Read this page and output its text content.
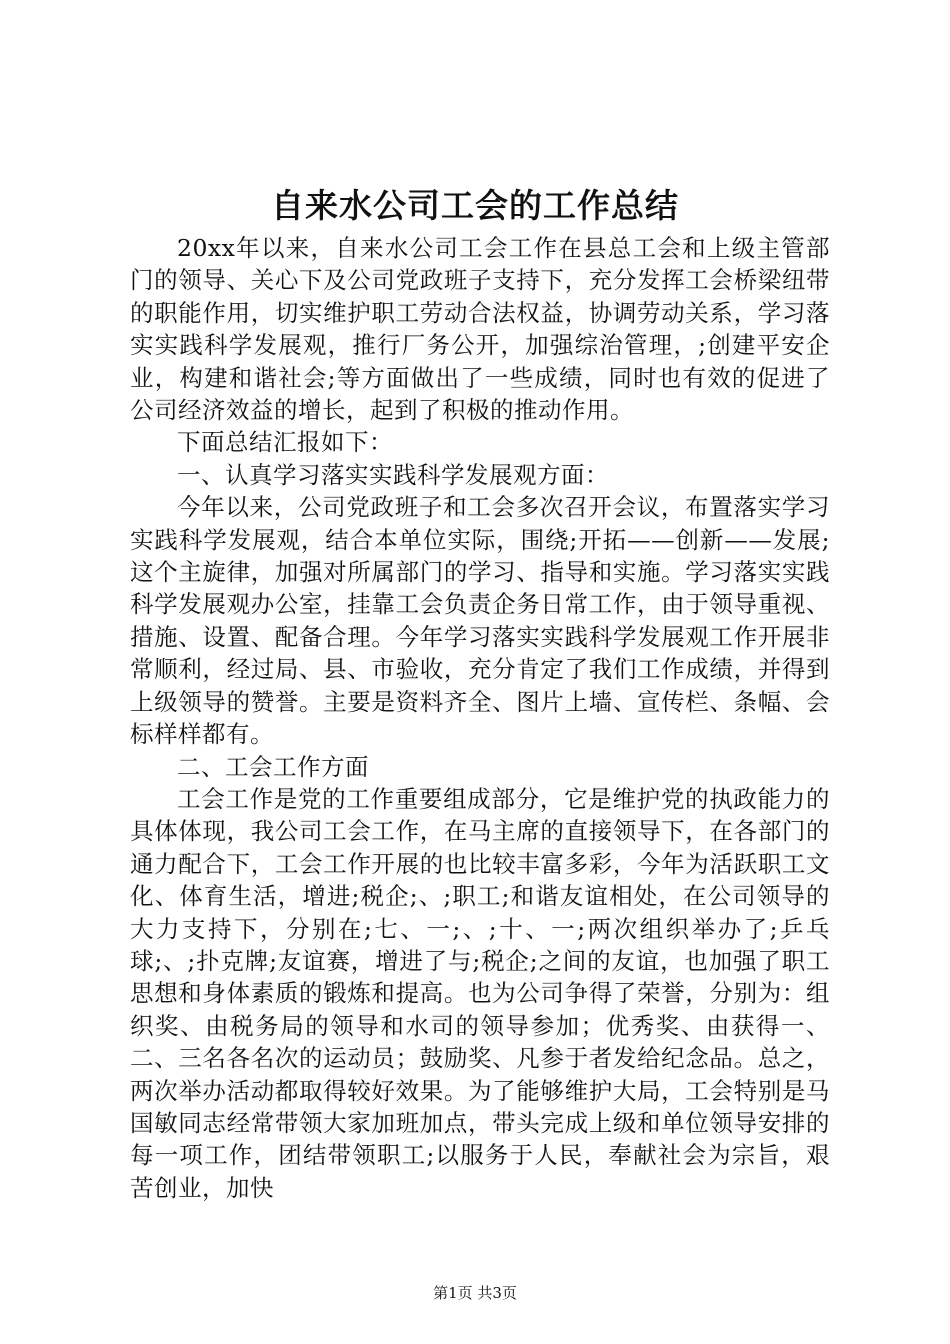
自来水公司工会的工作总结

20xx年以来，自来水公司工会工作在县总工会和上级主管部门的领导、关心下及公司党政班子支持下，充分发挥工会桥梁纽带的职能作用，切实维护职工劳动合法权益，协调劳动关系，学习落实实践科学发展观，推行厂务公开，加强综治管理，;创建平安企业，构建和谐社会;等方面做出了一些成绩，同时也有效的促进了公司经济效益的增长，起到了积极的推动作用。

下面总结汇报如下：

一、认真学习落实实践科学发展观方面：

今年以来，公司党政班子和工会多次召开会议，布置落实学习实践科学发展观，结合本单位实际，围绕;开拓——创新——发展;这个主旋律，加强对所属部门的学习、指导和实施。学习落实实践科学发展观办公室，挂靠工会负责企务日常工作，由于领导重视、措施、设置、配备合理。今年学习落实实践科学发展观工作开展非常顺利，经过局、县、市验收，充分肯定了我们工作成绩，并得到上级领导的赞誉。主要是资料齐全、图片上墙、宣传栏、条幅、会标样样都有。

二、工会工作方面

工会工作是党的工作重要组成部分，它是维护党的执政能力的具体体现，我公司工会工作，在马主席的直接领导下，在各部门的通力配合下，工会工作开展的也比较丰富多彩，今年为活跃职工文化、体育生活，增进;税企;、;职工;和谐友谊相处，在公司领导的大力支持下，分别在;七、一;、;十、一;两次组织举办了;乒乓球;、;扑克牌;友谊赛，增进了与;税企;之间的友谊，也加强了职工思想和身体素质的锻炼和提高。也为公司争得了荣誉，分别为：组织奖、由税务局的领导和水司的领导参加；优秀奖、由获得一、二、三名各名次的运动员；鼓励奖、凡参于者发给纪念品。总之，两次举办活动都取得较好效果。为了能够维护大局，工会特别是马国敏同志经常带领大家加班加点，带头完成上级和单位领导安排的每一项工作，团结带领职工;以服务于人民，奉献社会为宗旨，艰苦创业，加快

第1页 共3页
